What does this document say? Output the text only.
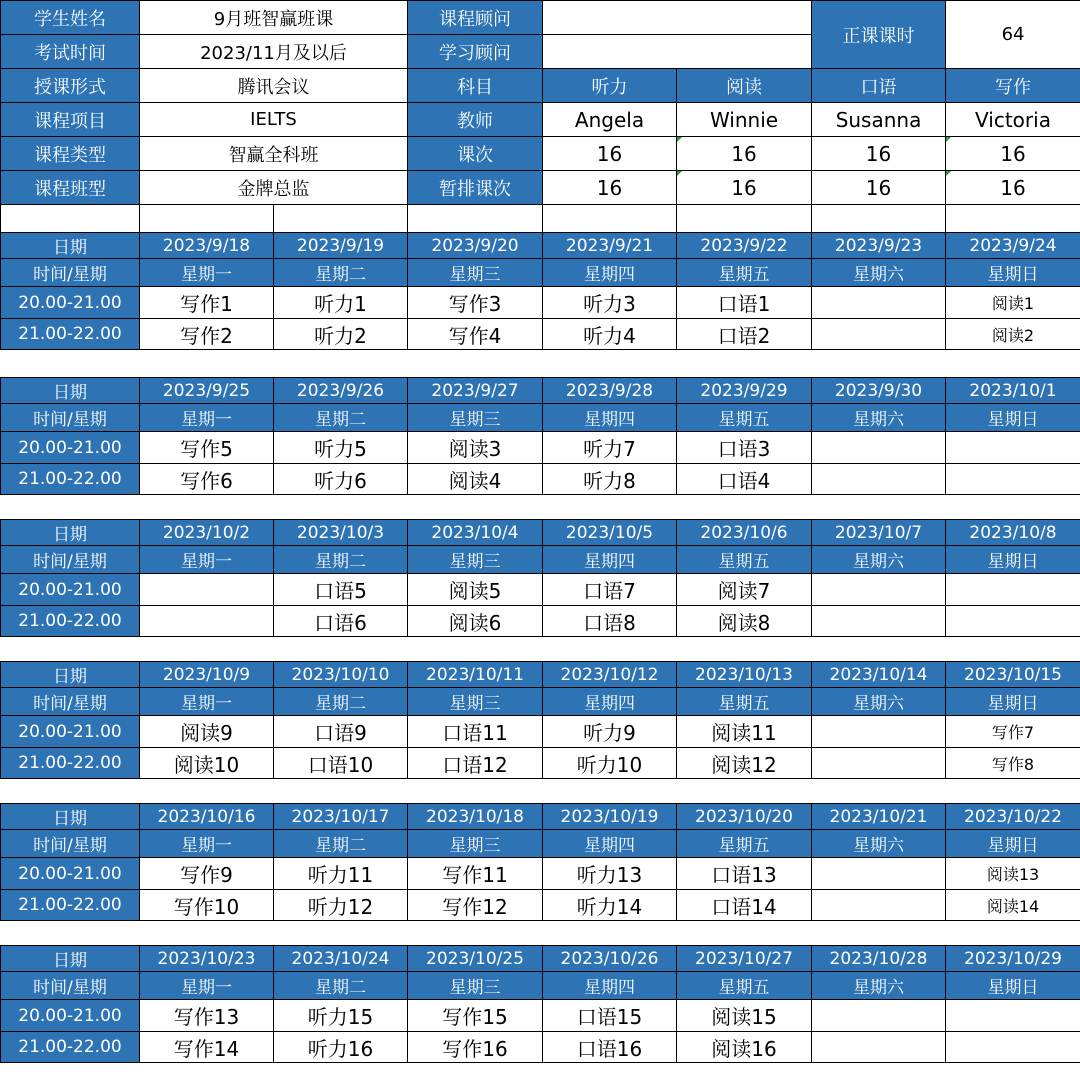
学生姓名	9月班智赢班课		课程顾问			正课课时	64
考试时间	2023/11月及以后		学习顾问				
授课形式	腾讯会议		科目	听力	阅读	口语	写作
课程项目	IELTS		教师	Angela	Winnie	Susanna	Victoria
课程类型	智赢全科班		课次	16	16	16	16
课程班型	金牌总监		暂排课次	16	16	16	16

日期	2023/9/18	2023/9/19	2023/9/20	2023/9/21	2023/9/22	2023/9/23	2023/9/24
时间/星期	星期一	星期二	星期三	星期四	星期五	星期六	星期日
20.00-21.00	写作1	听力1	写作3	听力3	口语1		阅读1
21.00-22.00	写作2	听力2	写作4	听力4	口语2		阅读2

日期	2023/9/25	2023/9/26	2023/9/27	2023/9/28	2023/9/29	2023/9/30	2023/10/1
时间/星期	星期一	星期二	星期三	星期四	星期五	星期六	星期日
20.00-21.00	写作5	听力5	阅读3	听力7	口语3		
21.00-22.00	写作6	听力6	阅读4	听力8	口语4		

日期	2023/10/2	2023/10/3	2023/10/4	2023/10/5	2023/10/6	2023/10/7	2023/10/8
时间/星期	星期一	星期二	星期三	星期四	星期五	星期六	星期日
20.00-21.00		口语5	阅读5	口语7	阅读7		
21.00-22.00		口语6	阅读6	口语8	阅读8		

日期	2023/10/9	2023/10/10	2023/10/11	2023/10/12	2023/10/13	2023/10/14	2023/10/15
时间/星期	星期一	星期二	星期三	星期四	星期五	星期六	星期日
20.00-21.00	阅读9	口语9	口语11	听力9	阅读11		写作7
21.00-22.00	阅读10	口语10	口语12	听力10	阅读12		写作8

日期	2023/10/16	2023/10/17	2023/10/18	2023/10/19	2023/10/20	2023/10/21	2023/10/22
时间/星期	星期一	星期二	星期三	星期四	星期五	星期六	星期日
20.00-21.00	写作9	听力11	写作11	听力13	口语13		阅读13
21.00-22.00	写作10	听力12	写作12	听力14	口语14		阅读14

日期	2023/10/23	2023/10/24	2023/10/25	2023/10/26	2023/10/27	2023/10/28	2023/10/29
时间/星期	星期一	星期二	星期三	星期四	星期五	星期六	星期日
20.00-21.00	写作13	听力15	写作15	口语15	阅读15		
21.00-22.00	写作14	听力16	写作16	口语16	阅读16		
